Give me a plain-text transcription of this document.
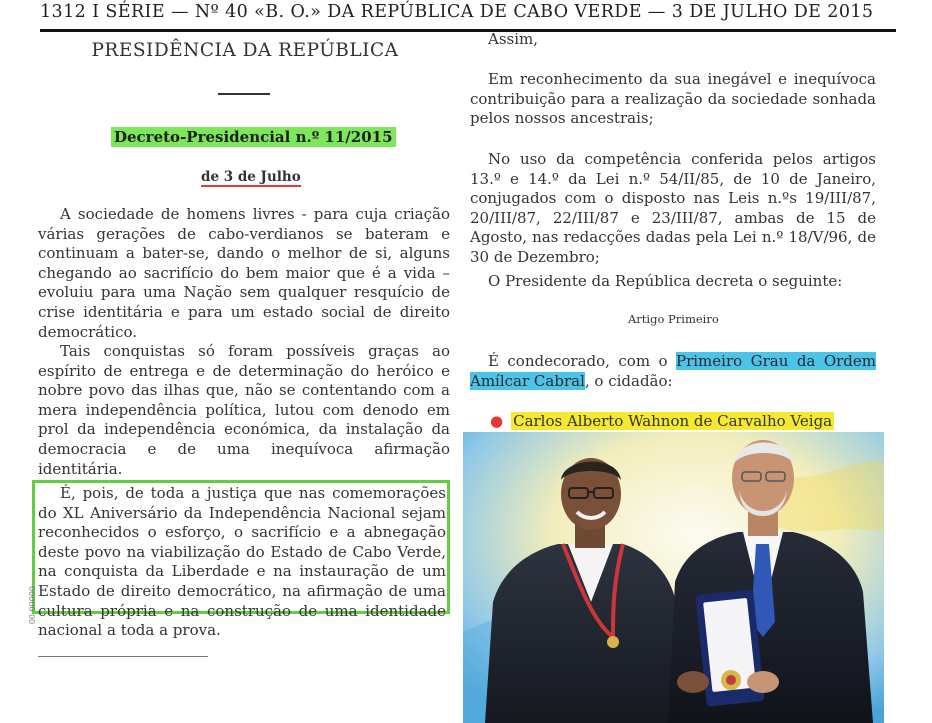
1312 I SÉRIE — Nº 40 «B. O.» DA REPÚBLICA DE CABO VERDE — 3 DE JULHO DE 2015
PRESIDÊNCIA DA REPÚBLICA
Decreto-Presidencial n.º 11/2015
de 3 de Julho
A sociedade de homens livres - para cuja criação várias gerações de cabo-verdianos se bateram e continuam a bater-se, dando o melhor de si, alguns chegando ao sacrifício do bem maior que é a vida – evoluiu para uma Nação sem qualquer resquício de crise identitária e para um estado social de direito democrático.
Tais conquistas só foram possíveis graças ao espírito de entrega e de determinação do heróico e nobre povo das ilhas que, não se contentando com a mera independência política, lutou com denodo em prol da independência económica, da instalação da democracia e de uma inequívoca afirmação identitária.
É, pois, de toda a justiça que nas comemorações do XL Aniversário da Independência Nacional sejam reconhecidos o esforço, o sacrifício e a abnegação deste povo na viabilização do Estado de Cabo Verde, na conquista da Liberdade e na instauração de um Estado de direito democrático, na afirmação de uma cultura própria e na construção de uma identidade nacional a toda a prova.
00 00000
Assim,
Em reconhecimento da sua inegável e inequívoca contribuição para a realização da sociedade sonhada pelos nossos ancestrais;
No uso da competência conferida pelos artigos 13.º e 14.º da Lei n.º 54/II/85, de 10 de Janeiro, conjugados com o disposto nas Leis n.ºs 19/III/87, 20/III/87, 22/III/87 e 23/III/87, ambas de 15 de Agosto, nas redacções dadas pela Lei n.º 18/V/96, de 30 de Dezembro;
O Presidente da República decreta o seguinte:
Artigo Primeiro
É condecorado, com o Primeiro Grau da Ordem Amílcar Cabral, o cidadão:
● Carlos Alberto Wahnon de Carvalho Veiga
